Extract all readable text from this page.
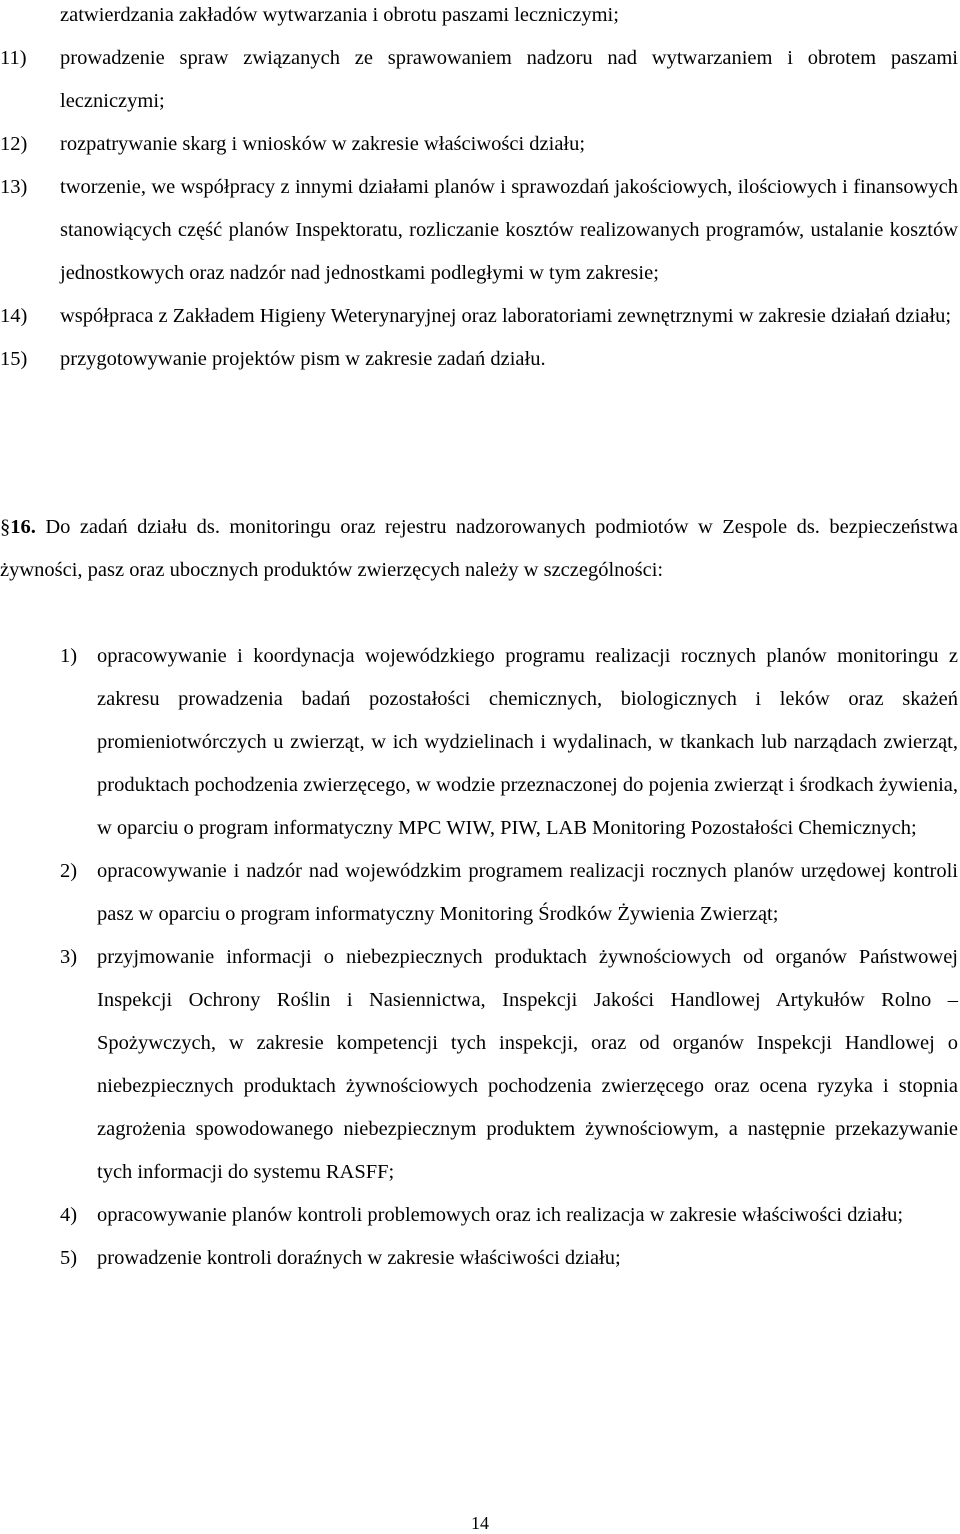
zatwierdzania zakładów wytwarzania i obrotu paszami leczniczymi;
11)	prowadzenie spraw związanych ze sprawowaniem nadzoru nad wytwarzaniem i obrotem paszami leczniczymi;
12)	rozpatrywanie skarg i wniosków w zakresie właściwości działu;
13)	tworzenie, we współpracy z innymi działami planów i sprawozdań jakościowych, ilościowych i finansowych stanowiących część planów Inspektoratu, rozliczanie kosztów realizowanych programów, ustalanie kosztów jednostkowych oraz nadzór nad jednostkami podległymi w tym zakresie;
14)	współpraca z Zakładem Higieny Weterynaryjnej oraz laboratoriami zewnętrznymi w zakresie działań działu;
15)	przygotowywanie projektów pism w zakresie zadań działu.
§16. Do zadań działu ds. monitoringu oraz rejestru nadzorowanych podmiotów w Zespole ds. bezpieczeństwa żywności, pasz oraz ubocznych produktów zwierzęcych należy w szczególności:
1) opracowywanie i koordynacja wojewódzkiego programu realizacji rocznych planów monitoringu z zakresu prowadzenia badań pozostałości chemicznych, biologicznych i leków oraz skażeń promieniotwórczych u zwierząt, w ich wydzielinach i wydalinach, w tkankach lub narządach zwierząt, produktach pochodzenia zwierzęcego, w wodzie przeznaczonej do pojenia zwierząt i środkach żywienia, w oparciu o program informatyczny MPC WIW, PIW, LAB Monitoring Pozostałości Chemicznych;
2) opracowywanie i nadzór nad wojewódzkim programem realizacji rocznych planów urzędowej kontroli pasz w oparciu o program informatyczny Monitoring Środków Żywienia Zwierząt;
3) przyjmowanie informacji o niebezpiecznych produktach żywnościowych od organów Państwowej Inspekcji Ochrony Roślin i Nasiennictwa, Inspekcji Jakości Handlowej Artykułów Rolno – Spożywczych, w zakresie kompetencji tych inspekcji, oraz od organów Inspekcji Handlowej o niebezpiecznych produktach żywnościowych pochodzenia zwierzęcego oraz ocena ryzyka i stopnia zagrożenia spowodowanego niebezpiecznym produktem żywnościowym, a następnie przekazywanie tych informacji do systemu RASFF;
4) opracowywanie planów kontroli problemowych oraz ich realizacja w zakresie właściwości działu;
5) prowadzenie kontroli doraźnych w zakresie właściwości działu;
14
